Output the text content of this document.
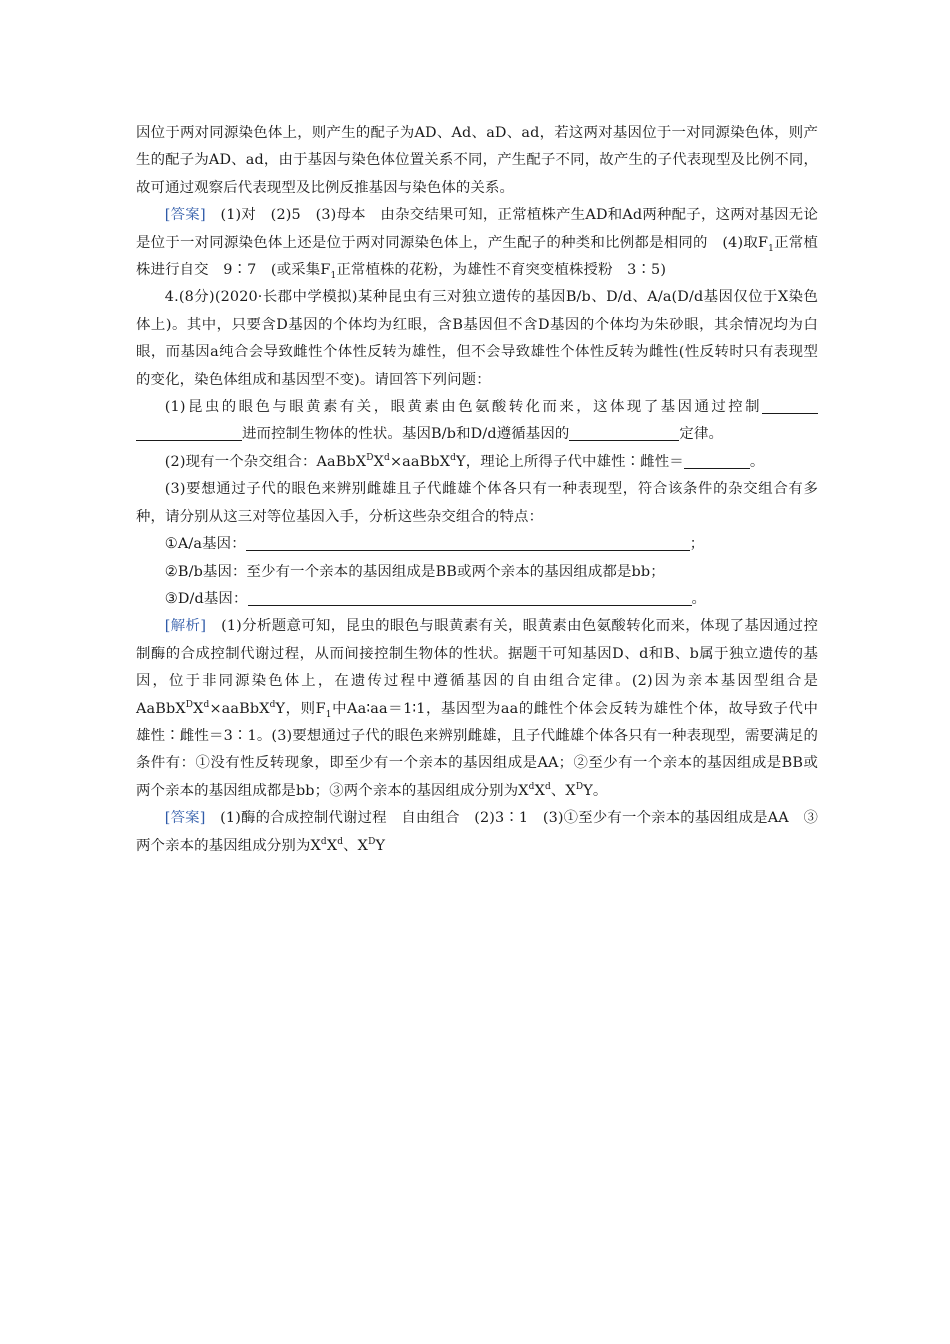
因位于两对同源染色体上，则产生的配子为AD、Ad、aD、ad，若这两对基因位于一对同源染色体，则产生的配子为AD、ad，由于基因与染色体位置关系不同，产生配子不同，故产生的子代表现型及比例不同，故可通过观察后代表现型及比例反推基因与染色体的关系。

[答案]　(1)对　(2)5　(3)母本　由杂交结果可知，正常植株产生AD和Ad两种配子，这两对基因无论是位于一对同源染色体上还是位于两对同源染色体上，产生配子的种类和比例都是相同的　(4)取$F_1$正常植株进行自交　9∶7　(或采集$F_1$正常植株的花粉，为雄性不育突变植株授粉　3∶5)

4.(8分)(2020·长郡中学模拟)某种昆虫有三对独立遗传的基因B/b、D/d、A/a(D/d基因仅位于X染色体上)。其中，只要含D基因的个体均为红眼，含B基因但不含D基因的个体均为朱砂眼，其余情况均为白眼，而基因a纯合会导致雌性个体性反转为雄性，但不会导致雄性个体性反转为雌性(性反转时只有表现型的变化，染色体组成和基因型不变)。请回答下列问题：

(1)昆虫的眼色与眼黄素有关，眼黄素由色氨酸转化而来，这体现了基因通过控制进而控制生物体的性状。基因B/b和D/d遵循基因的	定律。

(2)现有一个杂交组合：$AaBbX^DX^d\times aaBbX^dY$，理论上所得子代中雄性∶雌性＝	。

(3)要想通过子代的眼色来辨别雌雄且子代雌雄个体各只有一种表现型，符合该条件的杂交组合有多种，请分别从这三对等位基因入手，分析这些杂交组合的特点：

①A/a基因：	；

②B/b基因：至少有一个亲本的基因组成是BB或两个亲本的基因组成都是bb；

③D/d基因：	。

[解析]　(1)分析题意可知，昆虫的眼色与眼黄素有关，眼黄素由色氨酸转化而来，体现了基因通过控制酶的合成控制代谢过程，从而间接控制生物体的性状。据题干可知基因D、d和B、b属于独立遗传的基因，位于非同源染色体上，在遗传过程中遵循基因的自由组合定律。(2)因为亲本基因型组合是$AaBbX^DX^d\times aaBbX^dY$，则$F_1$中Aa∶aa＝1∶1，基因型为aa的雌性个体会反转为雄性个体，故导致子代中雄性∶雌性＝3∶1。(3)要想通过子代的眼色来辨别雌雄，且子代雌雄个体各只有一种表现型，需要满足的条件有：①没有性反转现象，即至少有一个亲本的基因组成是AA；②至少有一个亲本的基因组成是BB或两个亲本的基因组成都是bb；③两个亲本的基因组成分别为$X^dX^d$、$X^DY$。

[答案]　(1)酶的合成控制代谢过程　自由组合　(2)3∶1　(3)①至少有一个亲本的基因组成是AA　③两个亲本的基因组成分别为$X^dX^d$、$X^DY$
